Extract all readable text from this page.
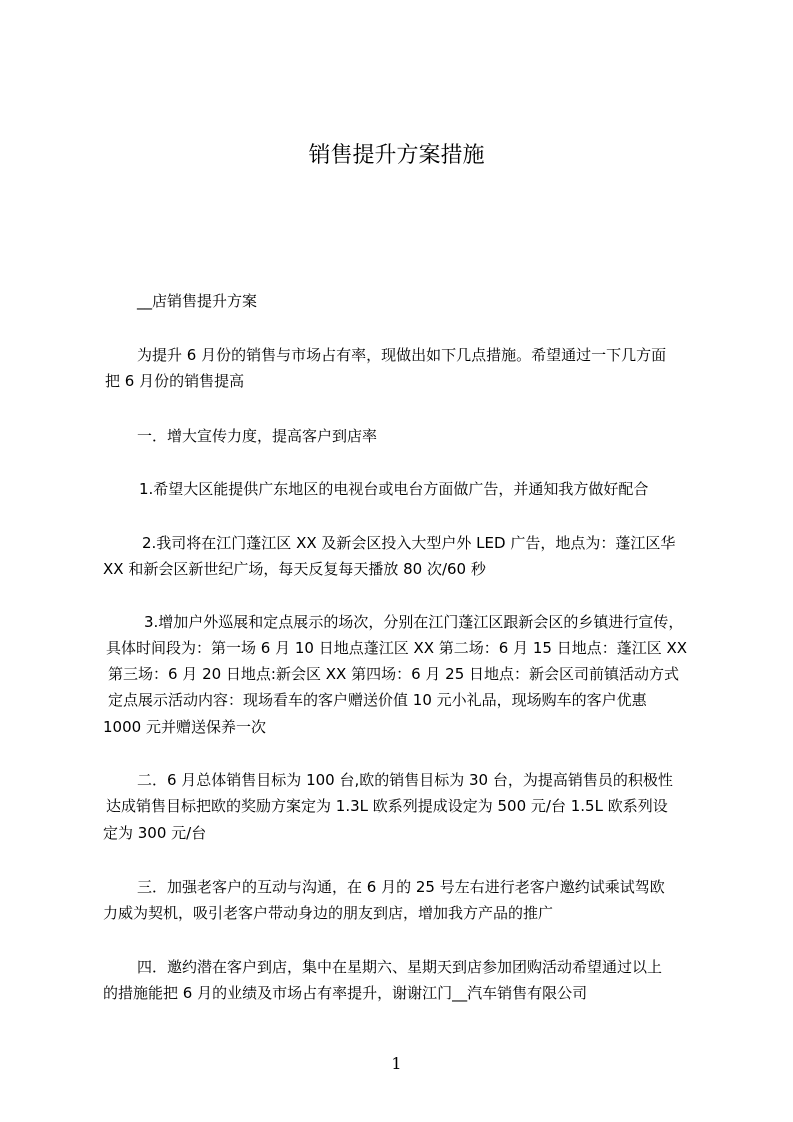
销售提升方案措施

__店销售提升方案

为提升 6 月份的销售与市场占有率，现做出如下几点措施。希望通过一下几方面

把 6 月份的销售提高

一．增大宣传力度，提高客户到店率

1.希望大区能提供广东地区的电视台或电台方面做广告，并通知我方做好配合

2.我司将在江门蓬江区 XX 及新会区投入大型户外 LED 广告，地点为：蓬江区华

XX 和新会区新世纪广场，每天反复每天播放 80 次/60 秒

3.增加户外巡展和定点展示的场次，分别在江门蓬江区跟新会区的乡镇进行宣传，

具体时间段为：第一场 6 月 10 日地点蓬江区 XX 第二场：6 月 15 日地点：蓬江区 XX

第三场：6 月 20 日地点:新会区 XX 第四场：6 月 25 日地点：新会区司前镇活动方式

定点展示活动内容：现场看车的客户赠送价值 10 元小礼品，现场购车的客户优惠

1000 元并赠送保养一次

二．6 月总体销售目标为 100 台,欧的销售目标为 30 台，为提高销售员的积极性

达成销售目标把欧的奖励方案定为 1.3L 欧系列提成设定为 500 元/台 1.5L 欧系列设

定为 300 元/台

三．加强老客户的互动与沟通，在 6 月的 25 号左右进行老客户邀约试乘试驾欧

力威为契机，吸引老客户带动身边的朋友到店，增加我方产品的推广

四．邀约潜在客户到店，集中在星期六、星期天到店参加团购活动希望通过以上

的措施能把 6 月的业绩及市场占有率提升，谢谢江门__汽车销售有限公司

1
